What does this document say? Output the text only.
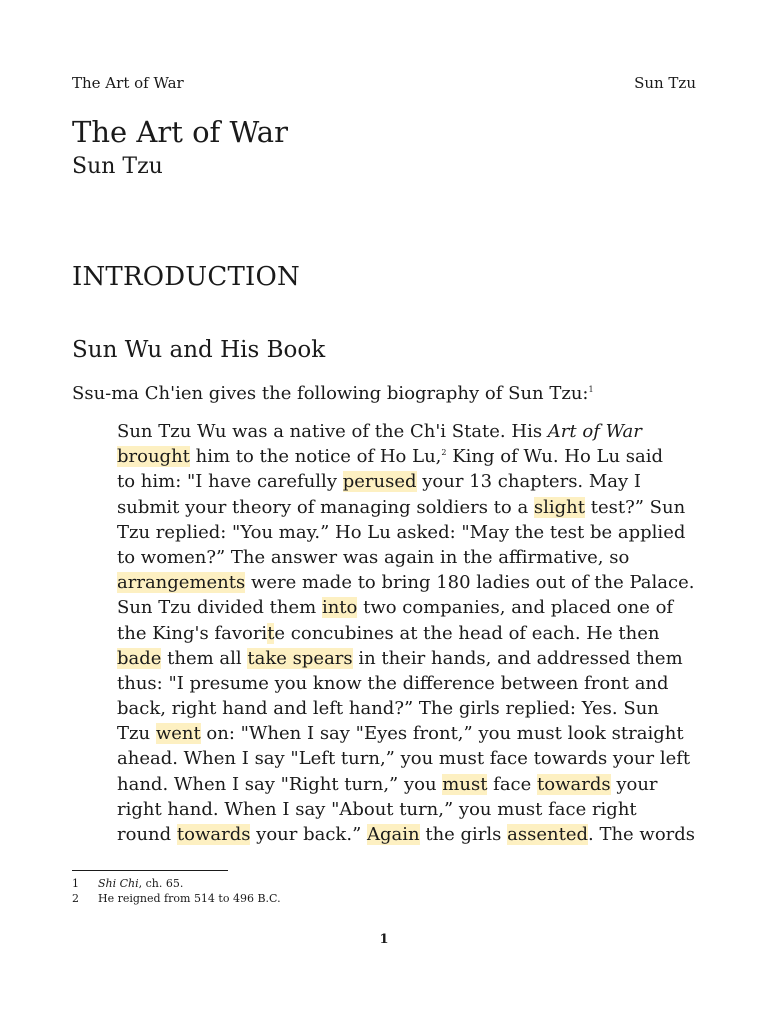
The Art of War	Sun Tzu
The Art of War
Sun Tzu
INTRODUCTION
Sun Wu and His Book
Ssu-ma Ch'ien gives the following biography of Sun Tzu:$^1$
Sun Tzu Wu was a native of the Ch'i State. His Art of War
brought him to the notice of Ho Lu,$^2$ King of Wu. Ho Lu said
to him: "I have carefully perused your 13 chapters. May I
submit your theory of managing soldiers to a slight test?” Sun
Tzu replied: "You may.” Ho Lu asked: "May the test be applied
to women?” The answer was again in the affirmative, so
arrangements were made to bring 180 ladies out of the Palace.
Sun Tzu divided them into two companies, and placed one of
the King's favorite concubines at the head of each. He then
bade them all take spears in their hands, and addressed them
thus: "I presume you know the difference between front and
back, right hand and left hand?” The girls replied: Yes. Sun
Tzu went on: "When I say "Eyes front,” you must look straight
ahead. When I say "Left turn,” you must face towards your left
hand. When I say "Right turn,” you must face towards your
right hand. When I say "About turn,” you must face right
round towards your back.” Again the girls assented. The words
1 Shi Chi, ch. 65.
2 He reigned from 514 to 496 B.C.
1
